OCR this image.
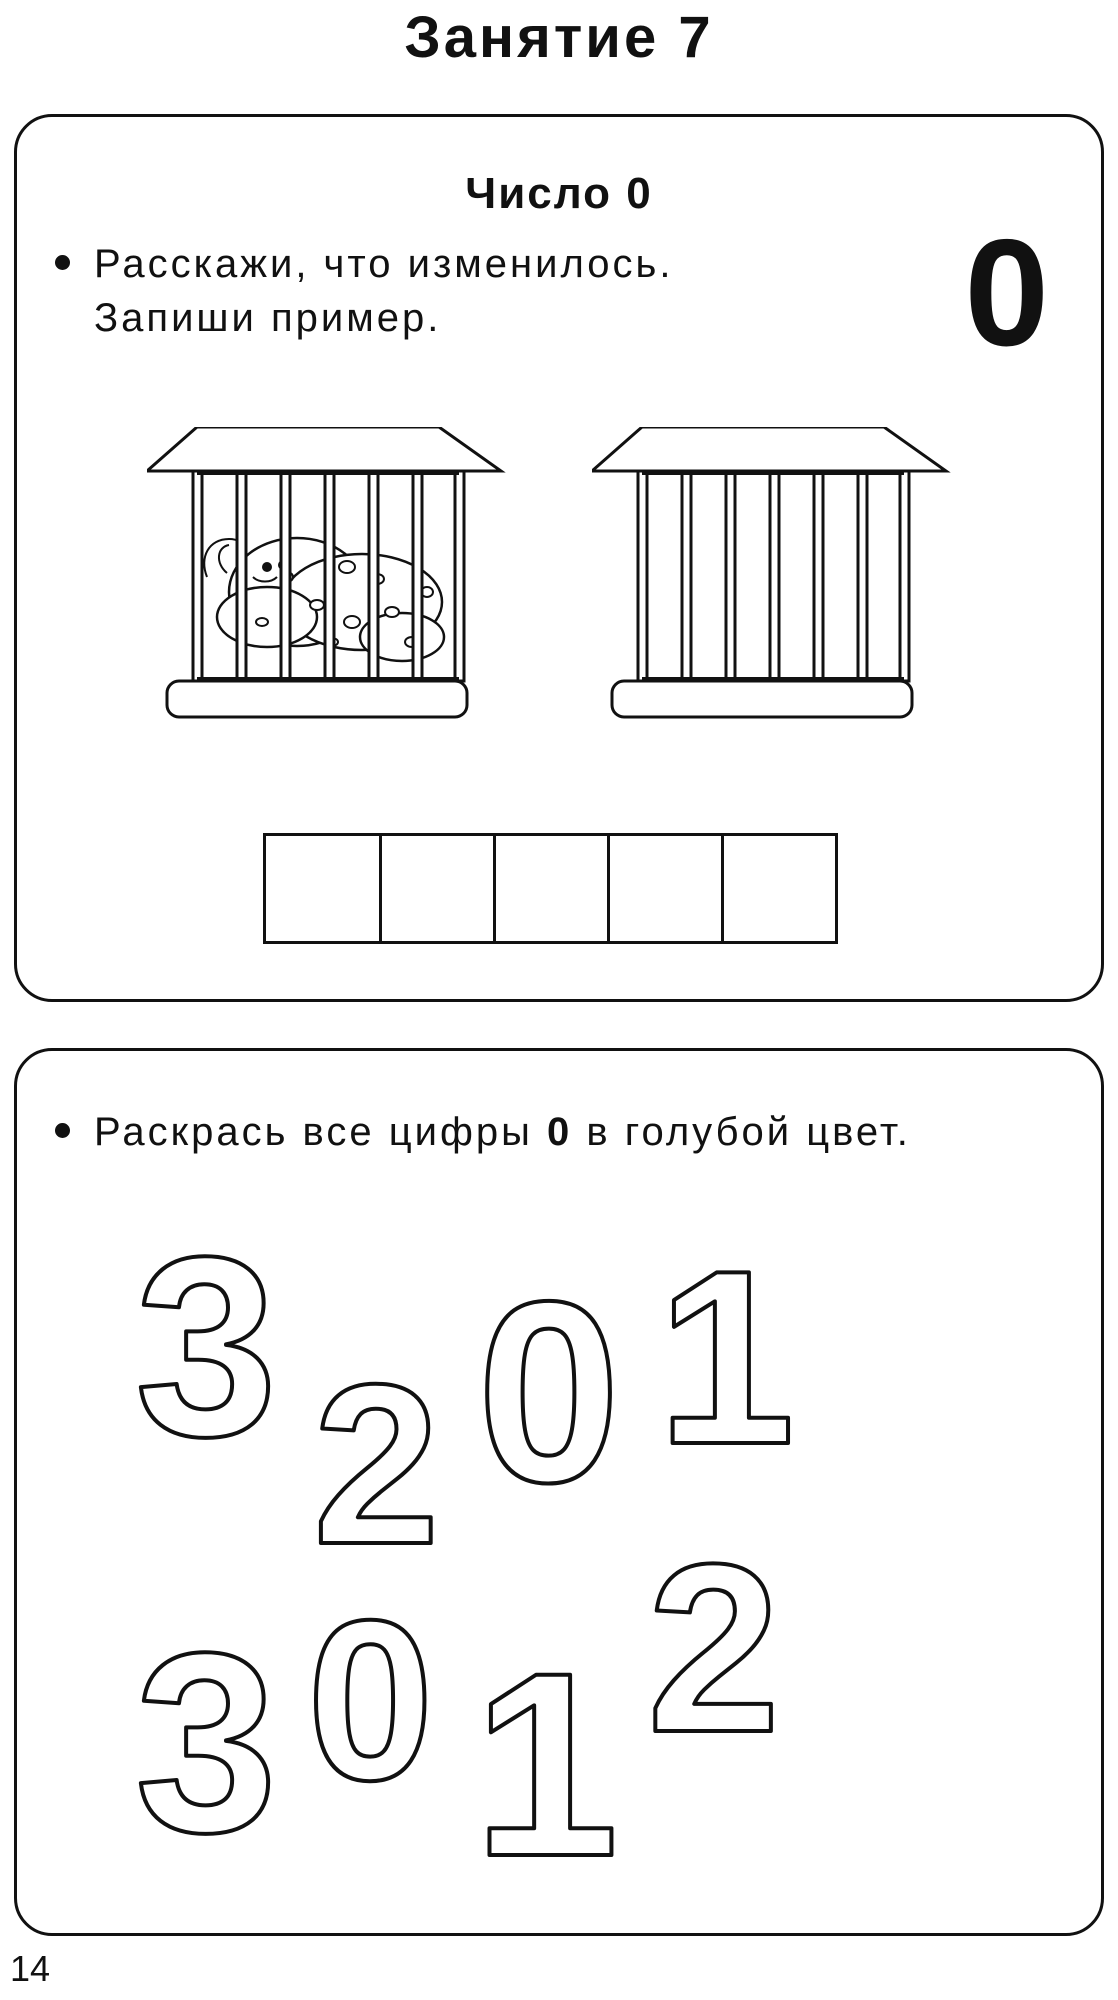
Занятие 7
Число 0
Расскажи, что изменилось.
Запиши пример.	0
Раскрась все цифры 0 в голубой цвет.
3 2 0 1
3 0 1 2
14
